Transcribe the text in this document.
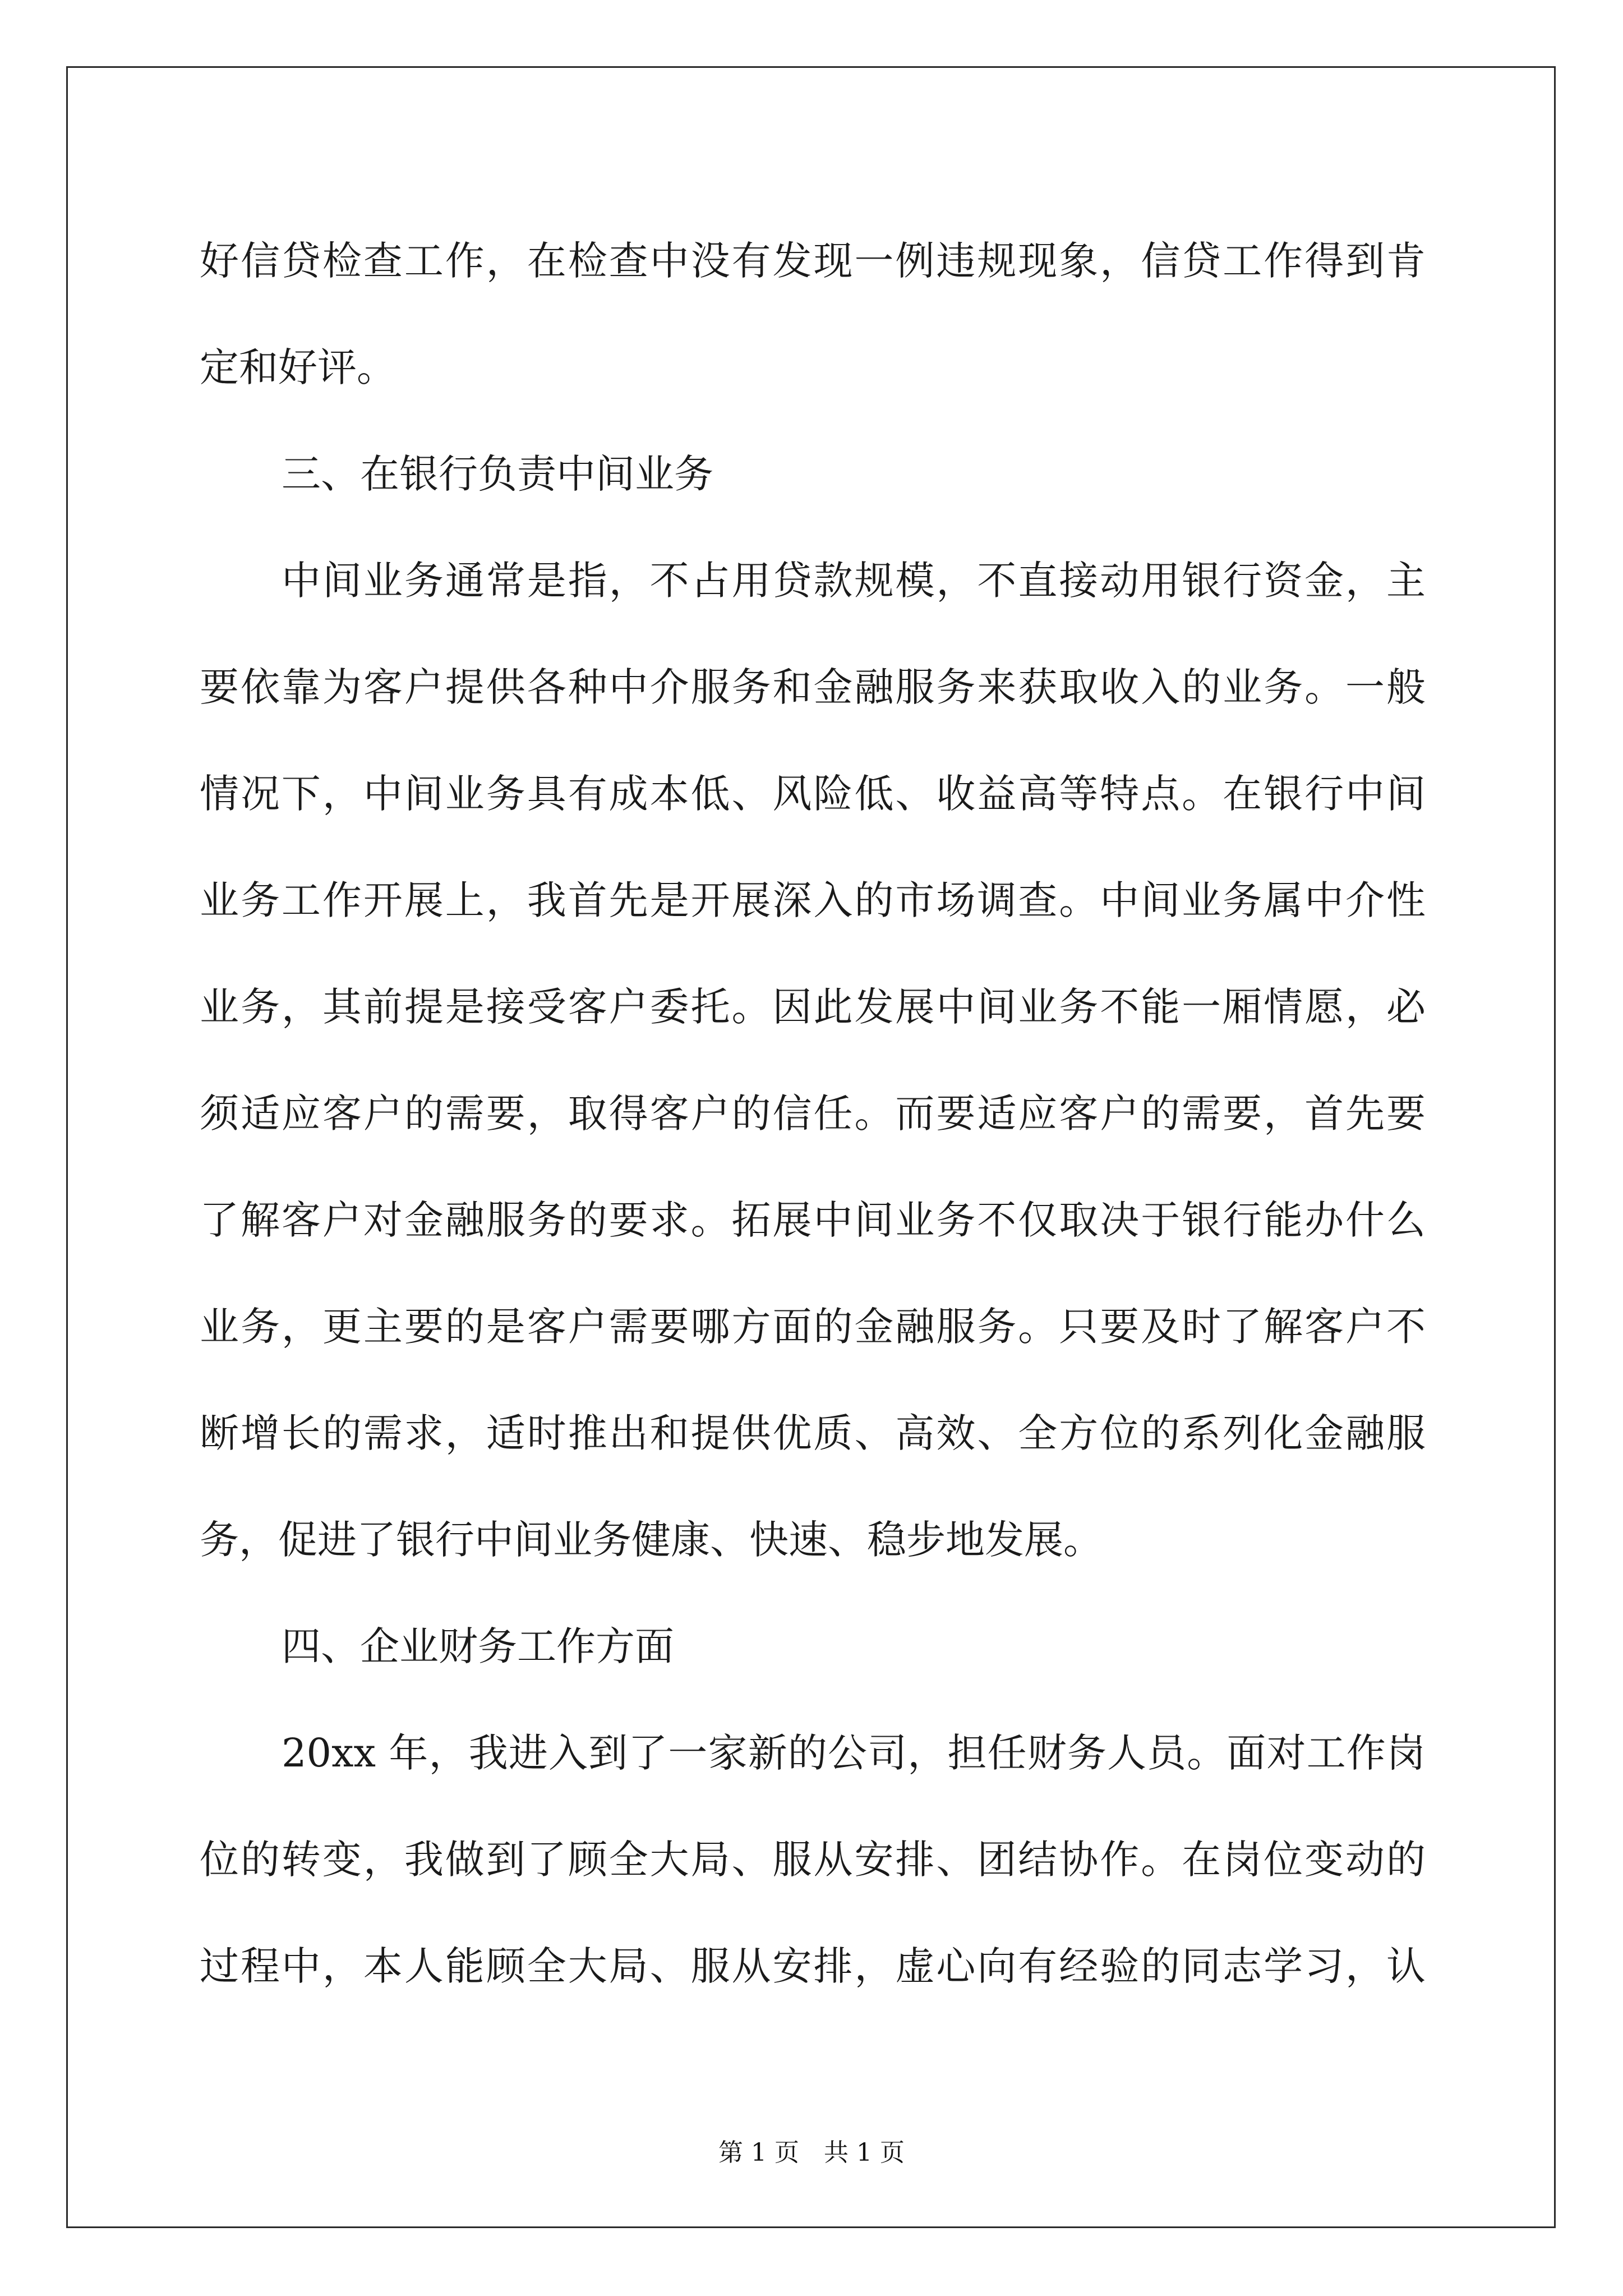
好信贷检查工作，在检查中没有发现一例违规现象，信贷工作得到肯
定和好评。
三、在银行负责中间业务
中间业务通常是指，不占用贷款规模，不直接动用银行资金，主
要依靠为客户提供各种中介服务和金融服务来获取收入的业务。一般
情况下，中间业务具有成本低、风险低、收益高等特点。在银行中间
业务工作开展上，我首先是开展深入的市场调查。中间业务属中介性
业务，其前提是接受客户委托。因此发展中间业务不能一厢情愿，必
须适应客户的需要，取得客户的信任。而要适应客户的需要，首先要
了解客户对金融服务的要求。拓展中间业务不仅取决于银行能办什么
业务，更主要的是客户需要哪方面的金融服务。只要及时了解客户不
断增长的需求，适时推出和提供优质、高效、全方位的系列化金融服
务，促进了银行中间业务健康、快速、稳步地发展。
四、企业财务工作方面
20xx 年，我进入到了一家新的公司，担任财务人员。面对工作岗
位的转变，我做到了顾全大局、服从安排、团结协作。在岗位变动的
过程中，本人能顾全大局、服从安排，虚心向有经验的同志学习，认
第 1 页　共 1 页
